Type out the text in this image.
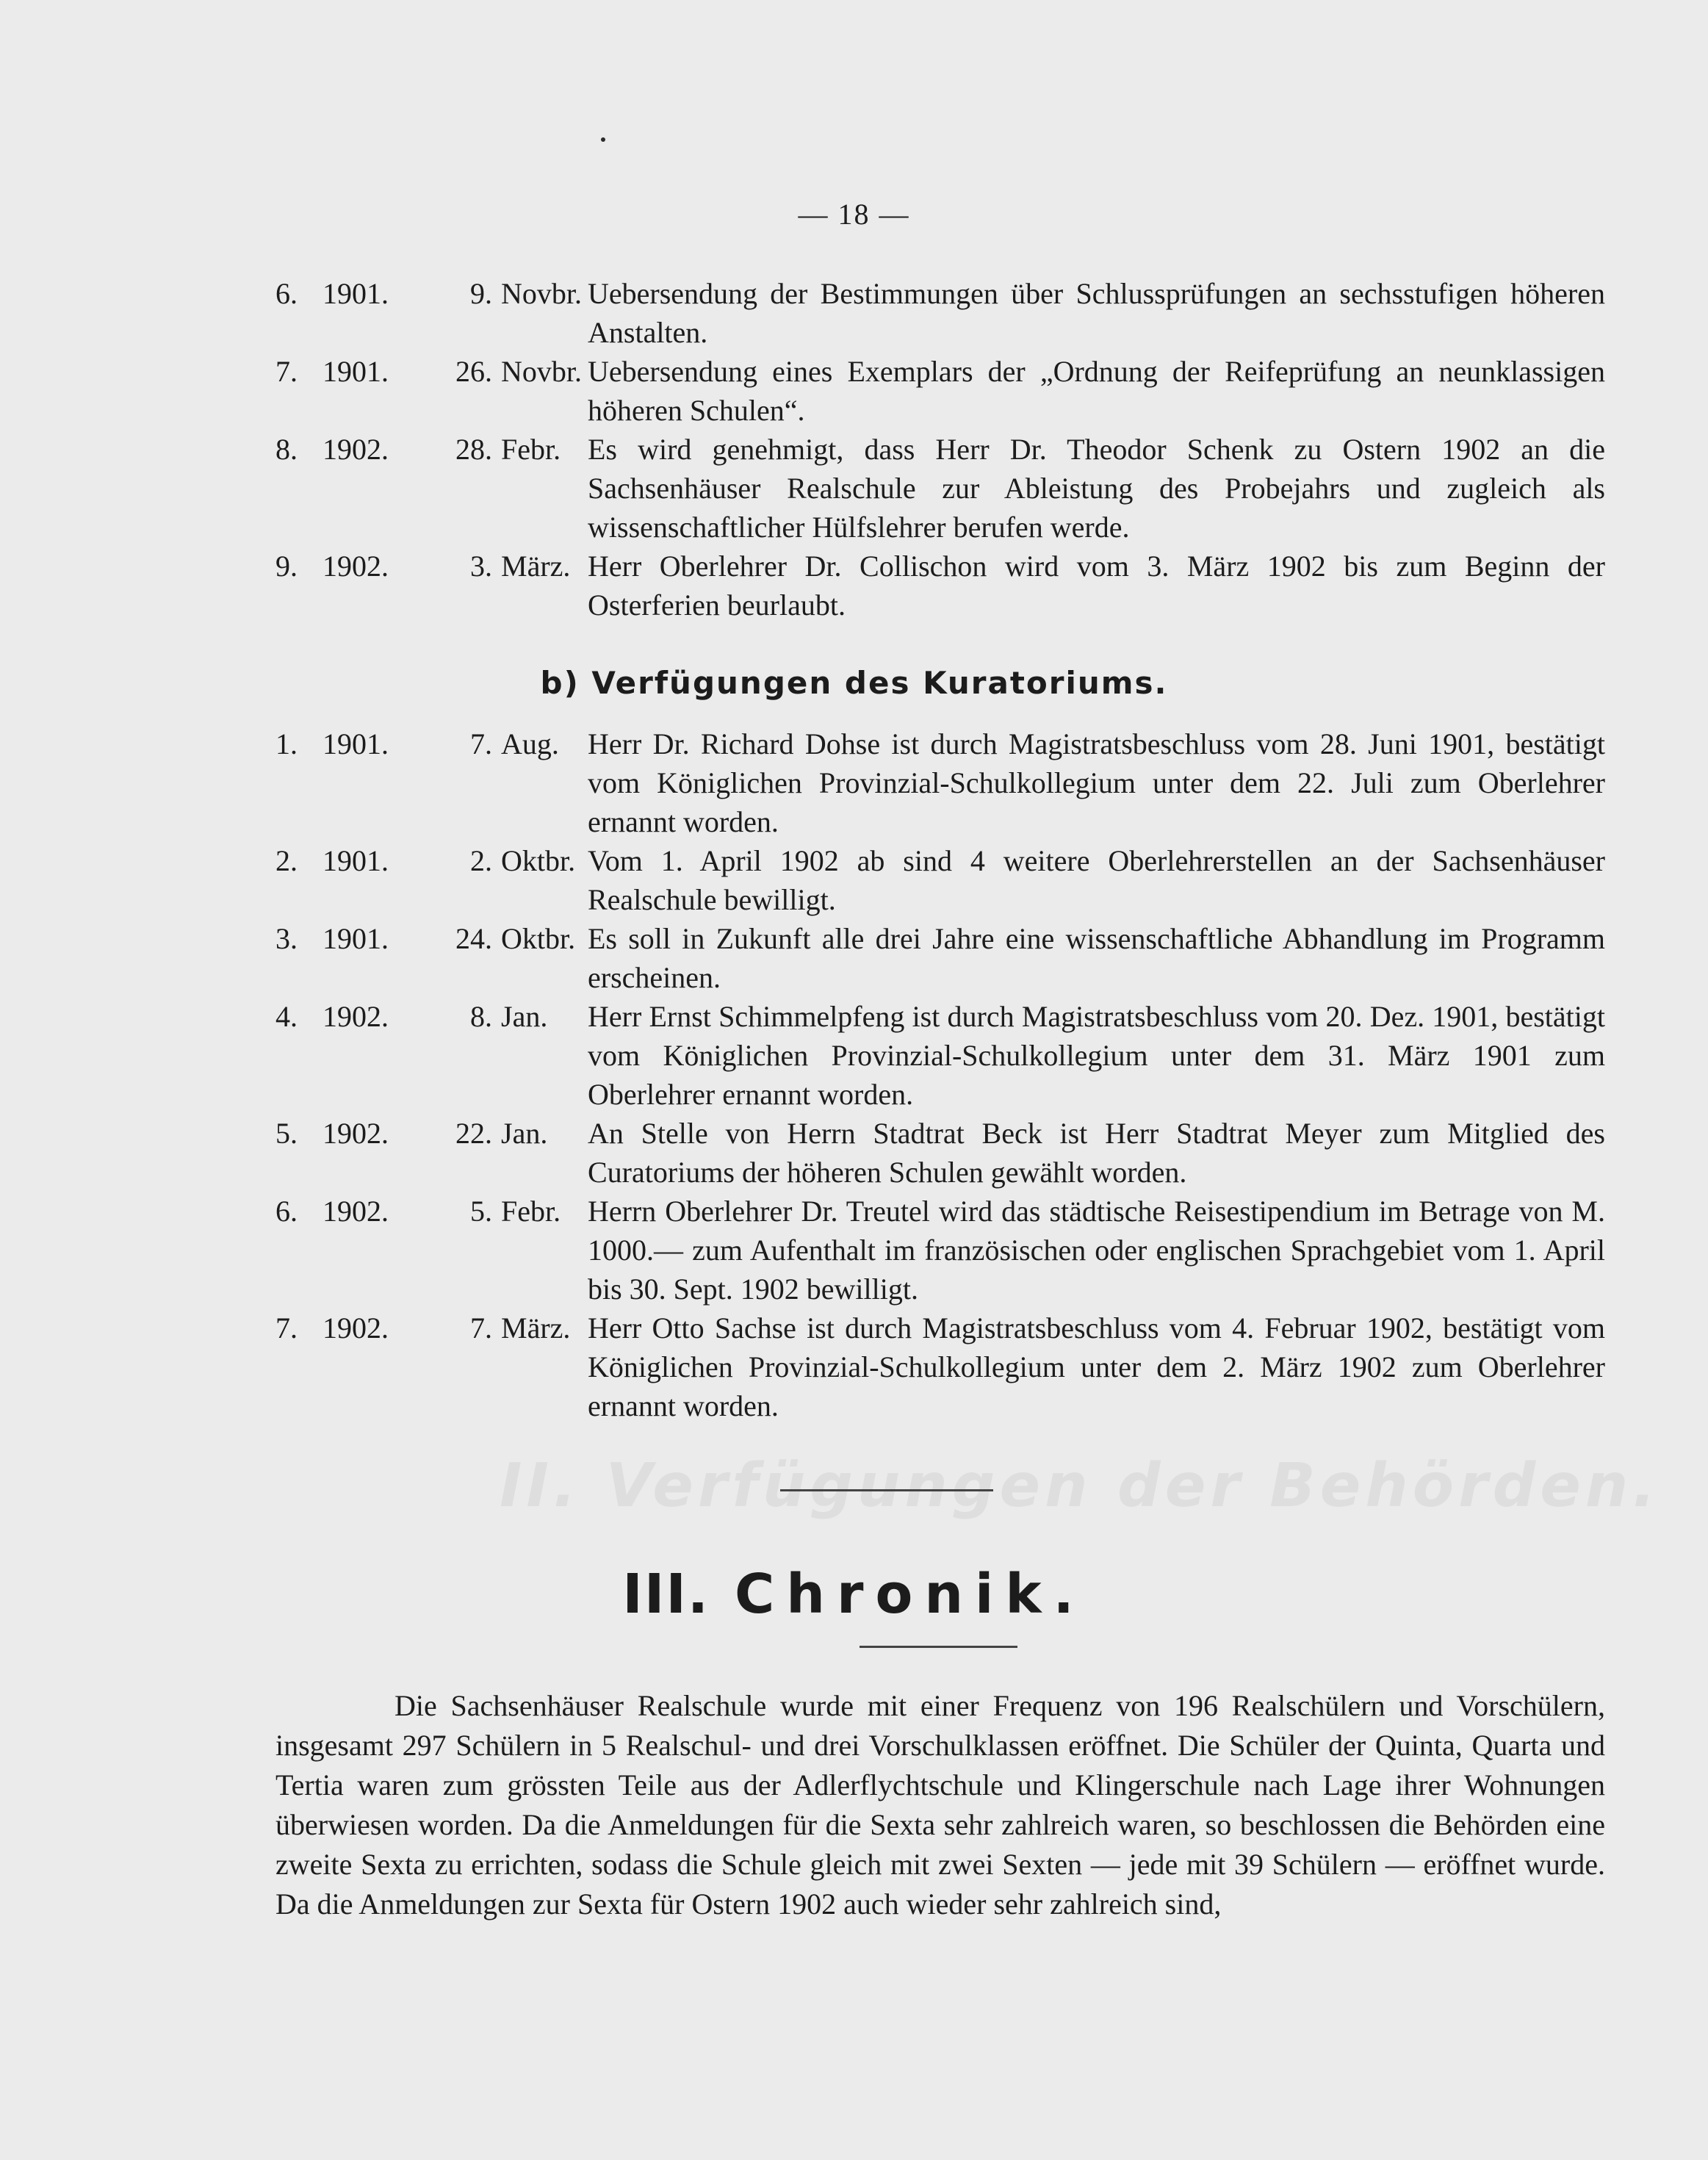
— 18 —
6. 1901.	9. Novbr. Uebersendung der Bestimmungen über Schlussprüfungen an sechsstufigen höheren Anstalten.
7. 1901.	26. Novbr. Uebersendung eines Exemplars der „Ordnung der Reifeprüfung an neunklassigen höheren Schulen“.
8. 1902.	28. Febr. Es wird genehmigt, dass Herr Dr. Theodor Schenk zu Ostern 1902 an die Sachsenhäuser Realschule zur Ableistung des Probejahrs und zugleich als wissenschaftlicher Hülfslehrer berufen werde.
9. 1902.	3. März. Herr Oberlehrer Dr. Collischon wird vom 3. März 1902 bis zum Beginn der Osterferien beurlaubt.
b) Verfügungen des Kuratoriums.
1. 1901.	7. Aug. Herr Dr. Richard Dohse ist durch Magistratsbeschluss vom 28. Juni 1901, bestätigt vom Königlichen Provinzial-Schulkollegium unter dem 22. Juli zum Oberlehrer ernannt worden.
2. 1901.	2. Oktbr. Vom 1. April 1902 ab sind 4 weitere Oberlehrerstellen an der Sachsenhäuser Realschule bewilligt.
3. 1901.	24. Oktbr. Es soll in Zukunft alle drei Jahre eine wissenschaftliche Abhandlung im Programm erscheinen.
4. 1902.	8. Jan. Herr Ernst Schimmelpfeng ist durch Magistratsbeschluss vom 20. Dez. 1901, bestätigt vom Königlichen Provinzial-Schulkollegium unter dem 31. März 1901 zum Oberlehrer ernannt worden.
5. 1902.	22. Jan. An Stelle von Herrn Stadtrat Beck ist Herr Stadtrat Meyer zum Mitglied des Curatoriums der höheren Schulen gewählt worden.
6. 1902.	5. Febr. Herrn Oberlehrer Dr. Treutel wird das städtische Reisestipendium im Betrage von M. 1000.— zum Aufenthalt im französischen oder englischen Sprachgebiet vom 1. April bis 30. Sept. 1902 bewilligt.
7. 1902.	7. März. Herr Otto Sachse ist durch Magistratsbeschluss vom 4. Februar 1902, bestätigt vom Königlichen Provinzial-Schulkollegium unter dem 2. März 1902 zum Oberlehrer ernannt worden.
II. Verfügungen der Behörden.
III. Chronik.
Die Sachsenhäuser Realschule wurde mit einer Frequenz von 196 Realschülern und Vorschülern, insgesamt 297 Schülern in 5 Realschul- und drei Vorschulklassen eröffnet. Die Schüler der Quinta, Quarta und Tertia waren zum grössten Teile aus der Adlerflychtschule und Klingerschule nach Lage ihrer Wohnungen überwiesen worden. Da die Anmeldungen für die Sexta sehr zahlreich waren, so beschlossen die Behörden eine zweite Sexta zu errichten, sodass die Schule gleich mit zwei Sexten — jede mit 39 Schülern — eröffnet wurde. Da die Anmeldungen zur Sexta für Ostern 1902 auch wieder sehr zahlreich sind,
